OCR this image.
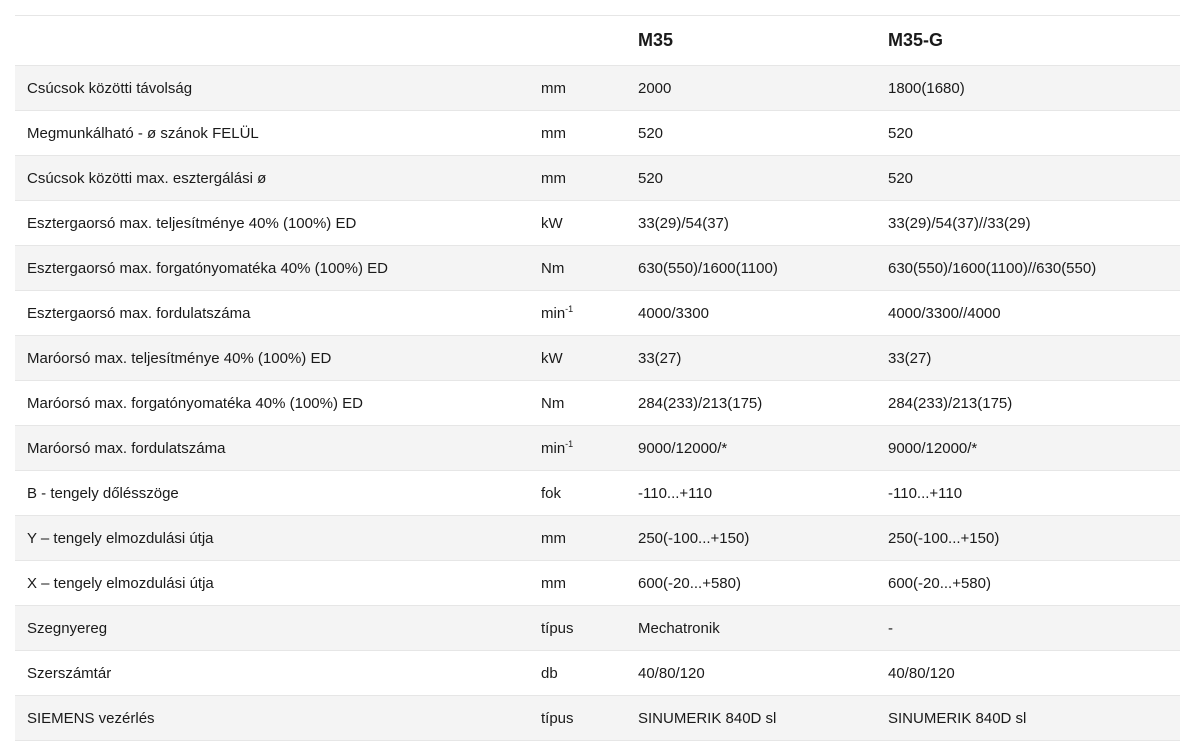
		M35	M35-G
Csúcsok közötti távolság	mm	2000	1800(1680)
Megmunkálható - ø szánok FELÜL	mm	520	520
Csúcsok közötti max. esztergálási ø	mm	520	520
Esztergaorsó max. teljesítménye 40% (100%) ED	kW	33(29)/54(37)	33(29)/54(37)//33(29)
Esztergaorsó max. forgatónyomatéka 40% (100%) ED	Nm	630(550)/1600(1100)	630(550)/1600(1100)//630(550)
Esztergaorsó max. fordulatszáma	$\min^{-1}$	4000/3300	4000/3300//4000
Maróorsó max. teljesítménye 40% (100%) ED	kW	33(27)	33(27)
Maróorsó max. forgatónyomatéka 40% (100%) ED	Nm	284(233)/213(175)	284(233)/213(175)
Maróorsó max. fordulatszáma	$\min^{-1}$	9000/12000/*	9000/12000/*
B - tengely dőlésszöge	fok	-110...+110	-110...+110
Y – tengely elmozdulási útja	mm	250(-100...+150)	250(-100...+150)
X – tengely elmozdulási útja	mm	600(-20...+580)	600(-20...+580)
Szegnyereg	típus	Mechatronik	-
Szerszámtár	db	40/80/120	40/80/120
SIEMENS vezérlés	típus	SINUMERIK 840D sl	SINUMERIK 840D sl
